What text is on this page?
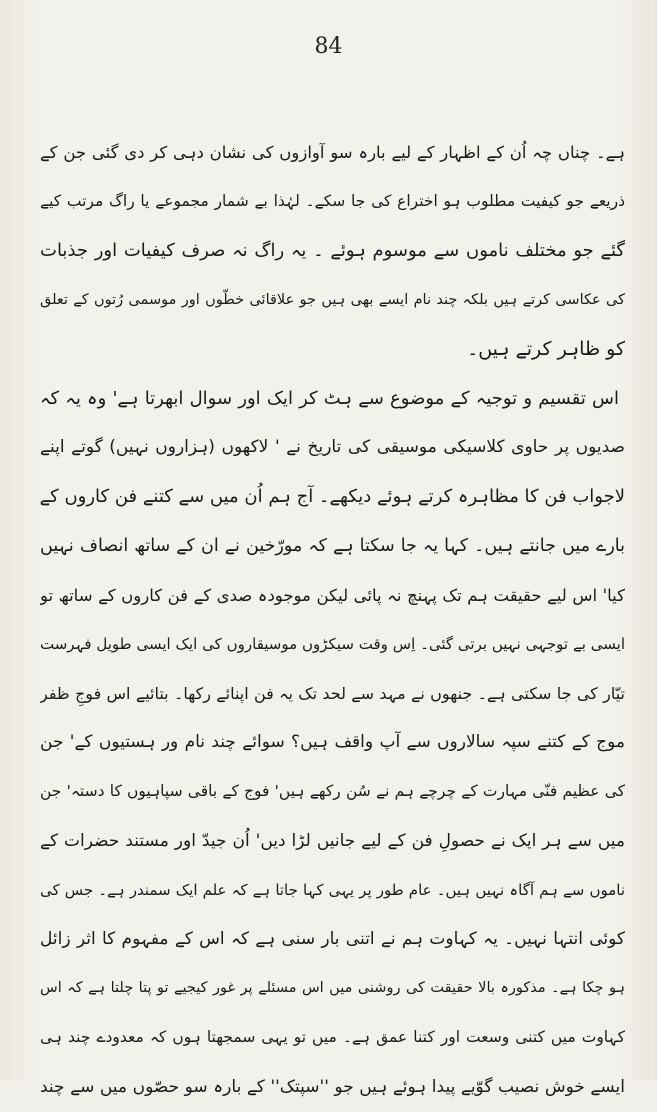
84
ہے۔ چناں چہ اُن کے اظہار کے لیے بارہ سو آوازوں کی نشان دہی کر دی گئی جن کے
ذریعے جو کیفیت مطلوب ہو اختراع کی جا سکے۔ لہٰذا بے شمار مجموعے یا راگ مرتب کیے
گئے جو مختلف ناموں سے موسوم ہوئے ۔ یہ راگ نہ صرف کیفیات اور جذبات
کی عکاسی کرتے ہیں بلکہ چند نام ایسے بھی ہیں جو علاقائی خطّوں اور موسمی رُتوں کے تعلق
کو ظاہر کرتے ہیں۔
اس تقسیم و توجیہ کے موضوع سے ہٹ کر ایک اور سوال ابھرتا ہے' وہ یہ کہ
صدیوں پر حاوی کلاسیکی موسیقی کی تاریخ نے ' لاکھوں (ہزاروں نہیں) گوتے اپنے
لاجواب فن کا مظاہرہ کرتے ہوئے دیکھے۔ آج ہم اُن میں سے کتنے فن کاروں کے
بارے میں جانتے ہیں۔ کہا یہ جا سکتا ہے کہ مورّخین نے ان کے ساتھ انصاف نہیں
کیا' اس لیے حقیقت ہم تک پہنچ نہ پائی لیکن موجودہ صدی کے فن کاروں کے ساتھ تو
ایسی بے توجہی نہیں برتی گئی۔ اِس وقت سیکڑوں موسیقاروں کی ایک ایسی طویل فہرست
تیّار کی جا سکتی ہے۔ جنھوں نے مہد سے لحد تک یہ فن اپنائے رکھا۔ بتائیے اس فوجِ ظفر
موج کے کتنے سپہ سالاروں سے آپ واقف ہیں؟ سوائے چند نام ور ہستیوں کے' جن
کی عظیم فنّی مہارت کے چرچے ہم نے سُن رکھے ہیں' فوج کے باقی سپاہیوں کا دستہ' جن
میں سے ہر ایک نے حصولِ فن کے لیے جانیں لڑا دیں' اُن جیدّ اور مستند حضرات کے
ناموں سے ہم آگاہ نہیں ہیں۔ عام طور پر یہی کہا جاتا ہے کہ علم ایک سمندر ہے۔ جس کی
کوئی انتہا نہیں۔ یہ کہاوت ہم نے اتنی بار سنی ہے کہ اس کے مفہوم کا اثر زائل
ہو چکا ہے۔ مذکورہ بالا حقیقت کی روشنی میں اس مسئلے پر غور کیجیے تو پتا چلتا ہے کہ اس
کہاوت میں کتنی وسعت اور کتنا عمق ہے۔ میں تو یہی سمجھتا ہوں کہ معدودے چند ہی
ایسے خوش نصیب گوّیے پیدا ہوئے ہیں جو ''سپتک'' کے بارہ سو حصّوں میں سے چند
